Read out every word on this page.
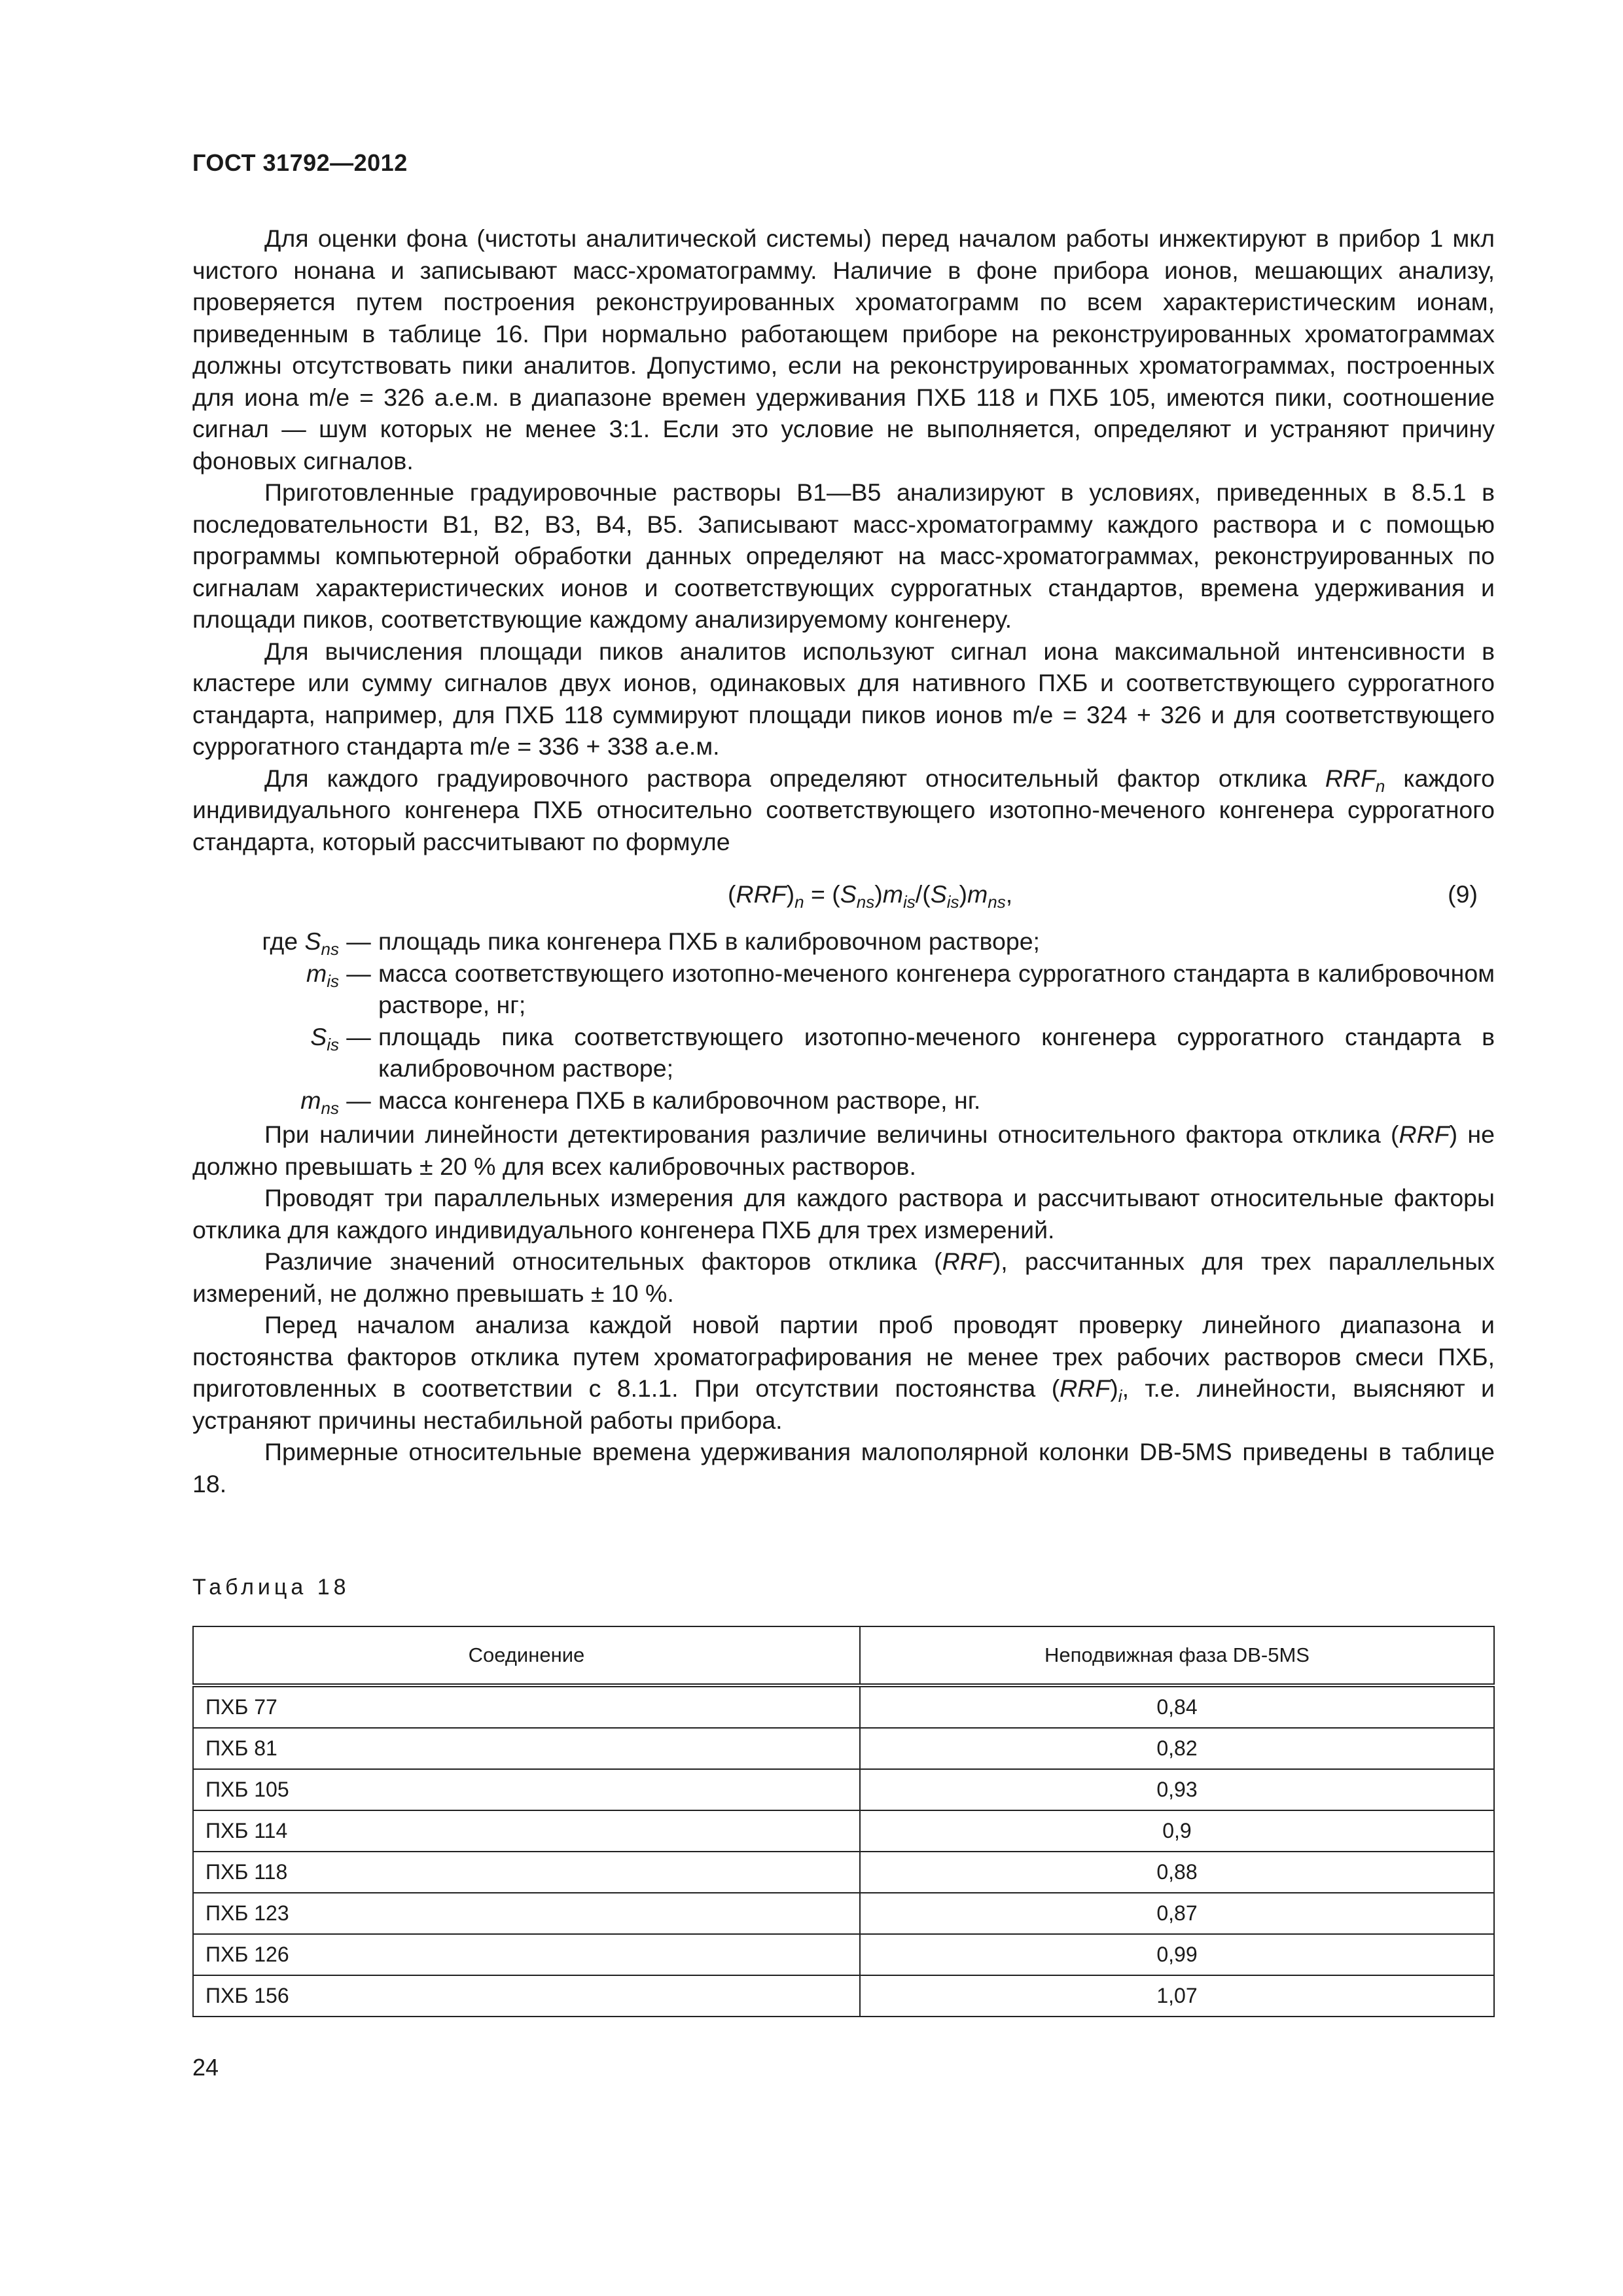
ГОСТ 31792—2012

Для оценки фона (чистоты аналитической системы) перед началом работы инжектируют в прибор 1 мкл чистого нонана и записывают масс-хроматограмму. Наличие в фоне прибора ионов, мешающих анализу, проверяется путем построения реконструированных хроматограмм по всем характеристическим ионам, приведенным в таблице 16. При нормально работающем приборе на реконструированных хроматограммах должны отсутствовать пики аналитов. Допустимо, если на реконструированных хроматограммах, построенных для иона m/e = 326 а.е.м. в диапазоне времен удерживания ПХБ 118 и ПХБ 105, имеются пики, соотношение сигнал — шум которых не менее 3:1. Если это условие не выполняется, определяют и устраняют причину фоновых сигналов.

Приготовленные градуировочные растворы В1—В5 анализируют в условиях, приведенных в 8.5.1 в последовательности В1, В2, В3, В4, В5. Записывают масс-хроматограмму каждого раствора и с помощью программы компьютерной обработки данных определяют на масс-хроматограммах, реконструированных по сигналам характеристических ионов и соответствующих суррогатных стандартов, времена удерживания и площади пиков, соответствующие каждому анализируемому конгенеру.

Для вычисления площади пиков аналитов используют сигнал иона максимальной интенсивности в кластере или сумму сигналов двух ионов, одинаковых для нативного ПХБ и соответствующего суррогатного стандарта, например, для ПХБ 118 суммируют площади пиков ионов m/e = 324 + 326 и для соответствующего суррогатного стандарта m/e = 336 + 338 а.е.м.

Для каждого градуировочного раствора определяют относительный фактор отклика $RRF_n$ каждого индивидуального конгенера ПХБ относительно соответствующего изотопно-меченого конгенера суррогатного стандарта, который рассчитывают по формуле

$(RRF)_n = (S_{ns})m_{is}/(S_{is})m_{ns}$,	(9)
где $S_{ns}$ — площадь пика конгенера ПХБ в калибровочном растворе;
$m_{is}$ — масса соответствующего изотопно-меченого конгенера суррогатного стандарта в калибровочном растворе, нг;
$S_{is}$ — площадь пика соответствующего изотопно-меченого конгенера суррогатного стандарта в калибровочном растворе;
$m_{ns}$ — масса конгенера ПХБ в калибровочном растворе, нг.

При наличии линейности детектирования различие величины относительного фактора отклика (RRF) не должно превышать ± 20 % для всех калибровочных растворов.

Проводят три параллельных измерения для каждого раствора и рассчитывают относительные факторы отклика для каждого индивидуального конгенера ПХБ для трех измерений.

Различие значений относительных факторов отклика (RRF), рассчитанных для трех параллельных измерений, не должно превышать ± 10 %.

Перед началом анализа каждой новой партии проб проводят проверку линейного диапазона и постоянства факторов отклика путем хроматографирования не менее трех рабочих растворов смеси ПХБ, приготовленных в соответствии с 8.1.1. При отсутствии постоянства $(RRF)_i$, т.е. линейности, выясняют и устраняют причины нестабильной работы прибора.

Примерные относительные времена удерживания малополярной колонки DB-5MS приведены в таблице 18.

Таблица 18
Соединение	Неподвижная фаза DB-5MS
ПХБ 77	0,84
ПХБ 81	0,82
ПХБ 105	0,93
ПХБ 114	0,9
ПХБ 118	0,88
ПХБ 123	0,87
ПХБ 126	0,99
ПХБ 156	1,07
24
